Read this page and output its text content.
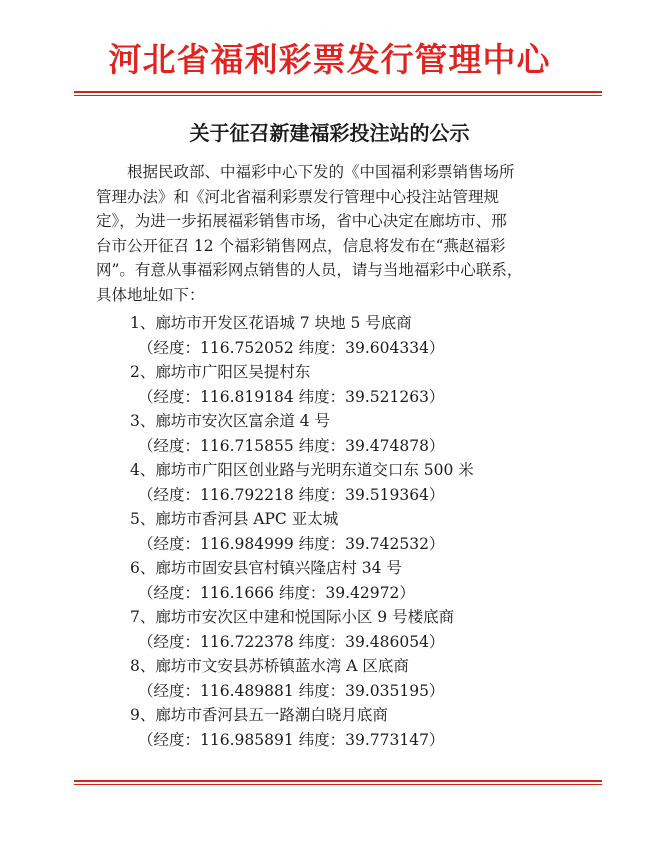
河北省福利彩票发行管理中心
关于征召新建福彩投注站的公示
根据民政部、中福彩中心下发的《中国福利彩票销售场所
管理办法》和《河北省福利彩票发行管理中心投注站管理规
定》，为进一步拓展福彩销售市场，省中心决定在廊坊市、邢
台市公开征召 12 个福彩销售网点，信息将发布在“燕赵福彩
网”。有意从事福彩网点销售的人员，请与当地福彩中心联系，
具体地址如下：
1、廊坊市开发区花语城 7 块地 5 号底商
（经度：116.752052 纬度：39.604334）
2、廊坊市广阳区吴提村东
（经度：116.819184 纬度：39.521263）
3、廊坊市安次区富余道 4 号
（经度：116.715855 纬度：39.474878）
4、廊坊市广阳区创业路与光明东道交口东 500 米
（经度：116.792218 纬度：39.519364）
5、廊坊市香河县 APC 亚太城
（经度：116.984999 纬度：39.742532）
6、廊坊市固安县官村镇兴隆店村 34 号
（经度：116.1666 纬度：39.42972）
7、廊坊市安次区中建和悦国际小区 9 号楼底商
（经度：116.722378 纬度：39.486054）
8、廊坊市文安县苏桥镇蓝水湾 A 区底商
（经度：116.489881 纬度：39.035195）
9、廊坊市香河县五一路潮白晓月底商
（经度：116.985891 纬度：39.773147）
